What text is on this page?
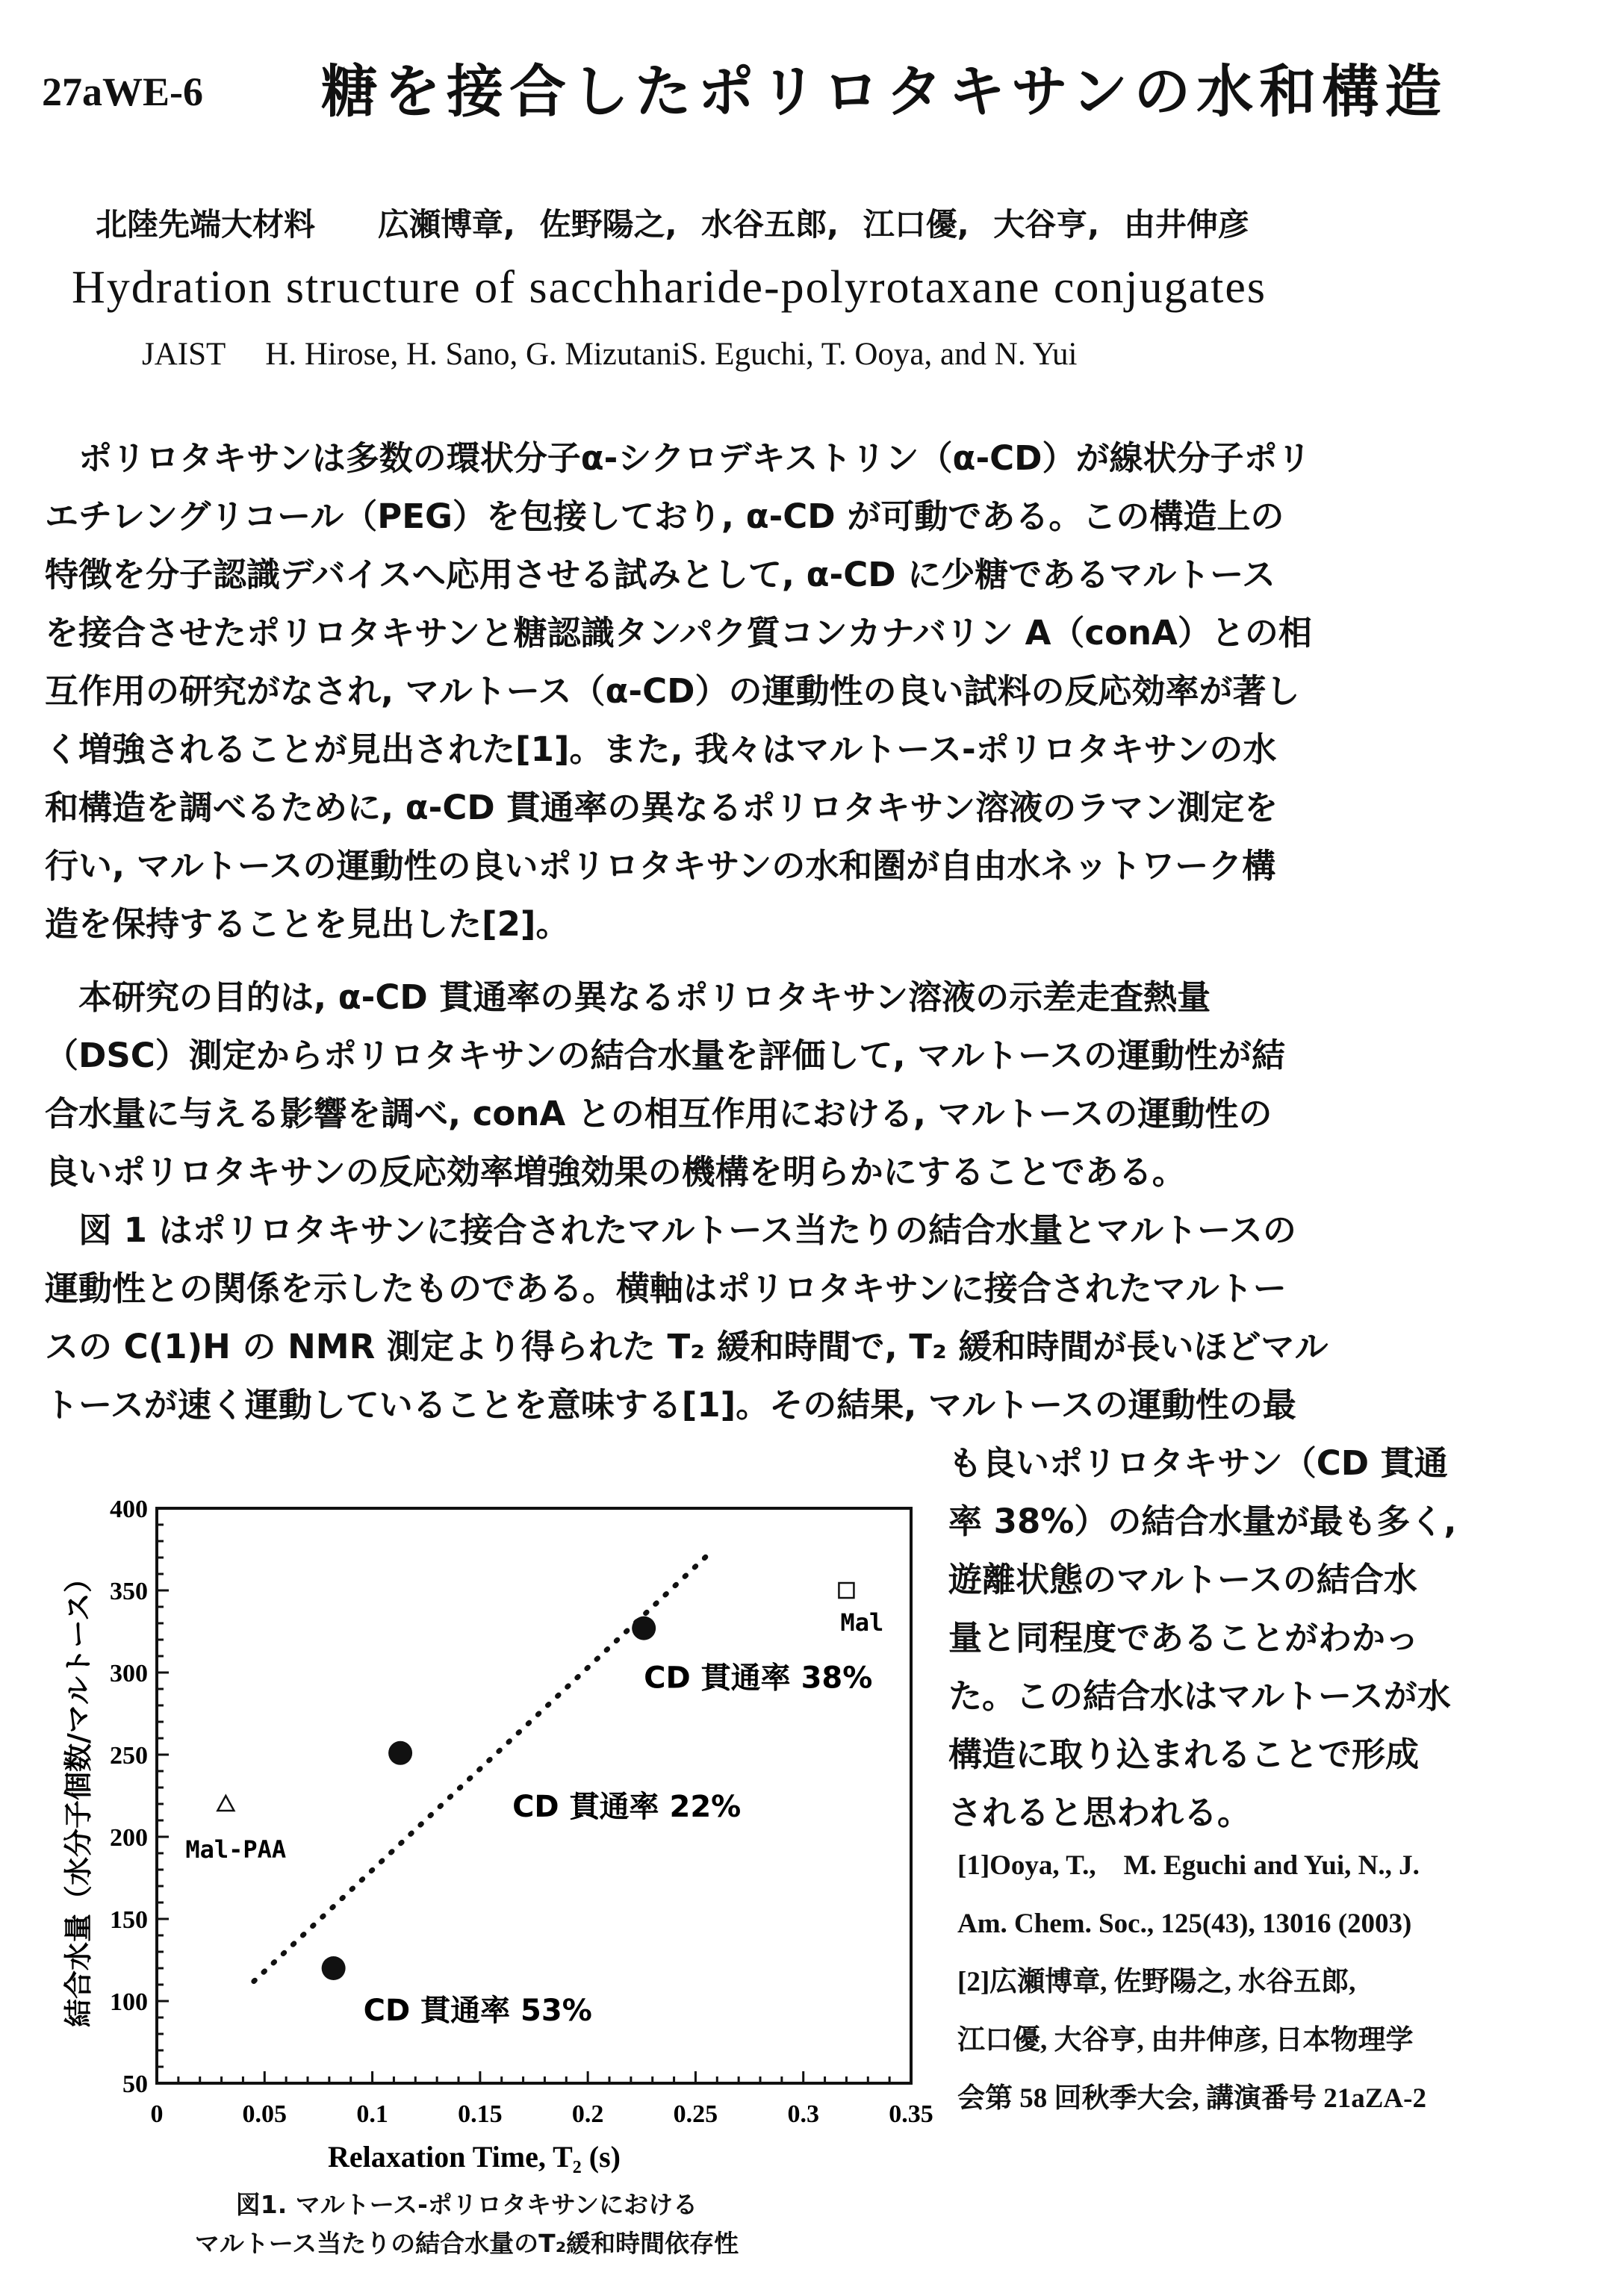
27aWE-6 糖を接合したポリロタキサンの水和構造
北陸先端大材料　　広瀬博章, 佐野陽之, 水谷五郎, 江口優, 大谷亨, 由井伸彦
Hydration structure of sacchharide-polyrotaxane conjugates
JAIST　 H. Hirose, H. Sano, G. MizutaniS. Eguchi, T. Ooya, and N. Yui
　ポリロタキサンは多数の環状分子α-シクロデキストリン（α-CD）が線状分子ポリ
エチレングリコール（PEG）を包接しており, α-CD が可動である。この構造上の
特徴を分子認識デバイスへ応用させる試みとして, α-CD に少糖であるマルトース
を接合させたポリロタキサンと糖認識タンパク質コンカナバリン A（conA）との相
互作用の研究がなされ, マルトース（α-CD）の運動性の良い試料の反応効率が著し
く増強されることが見出された[1]。また, 我々はマルトース-ポリロタキサンの水
和構造を調べるために, α-CD 貫通率の異なるポリロタキサン溶液のラマン測定を
行い, マルトースの運動性の良いポリロタキサンの水和圏が自由水ネットワーク構
造を保持することを見出した[2]。
　本研究の目的は, α-CD 貫通率の異なるポリロタキサン溶液の示差走査熱量
（DSC）測定からポリロタキサンの結合水量を評価して, マルトースの運動性が結
合水量に与える影響を調べ, conA との相互作用における, マルトースの運動性の
良いポリロタキサンの反応効率増強効果の機構を明らかにすることである。
　図 1 はポリロタキサンに接合されたマルトース当たりの結合水量とマルトースの
運動性との関係を示したものである。横軸はポリロタキサンに接合されたマルトー
スの C(1)H の NMR 測定より得られた T₂ 緩和時間で, T₂ 緩和時間が長いほどマル
トースが速く運動していることを意味する[1]。その結果, マルトースの運動性の最
も良いポリロタキサン（CD 貫通
率 38%）の結合水量が最も多く,
遊離状態のマルトースの結合水
量と同程度であることがわかっ
た。この結合水はマルトースが水
構造に取り込まれることで形成
されると思われる。
[1]Ooya, T.,　M. Eguchi and Yui, N., J.
Am. Chem. Soc., 125(43), 13016 (2003)
[2]広瀬博章, 佐野陽之, 水谷五郎,
江口優, 大谷亨, 由井伸彦, 日本物理学
会第 58 回秋季大会, 講演番号 21aZA-2
0	0.05	0.1	0.15	0.2	0.25	0.3	0.35
50
100
150
200
250
300
350
400
Relaxation Time, T₂ (s)
結合水量（水分子個数/マルトース）	CD 貫通率 53%
CD 貫通率 22%
CD 貫通率 38%
Mal-PAA
Mal
図1. マルトース-ポリロタキサンにおける
マルトース当たりの結合水量のT₂緩和時間依存性
